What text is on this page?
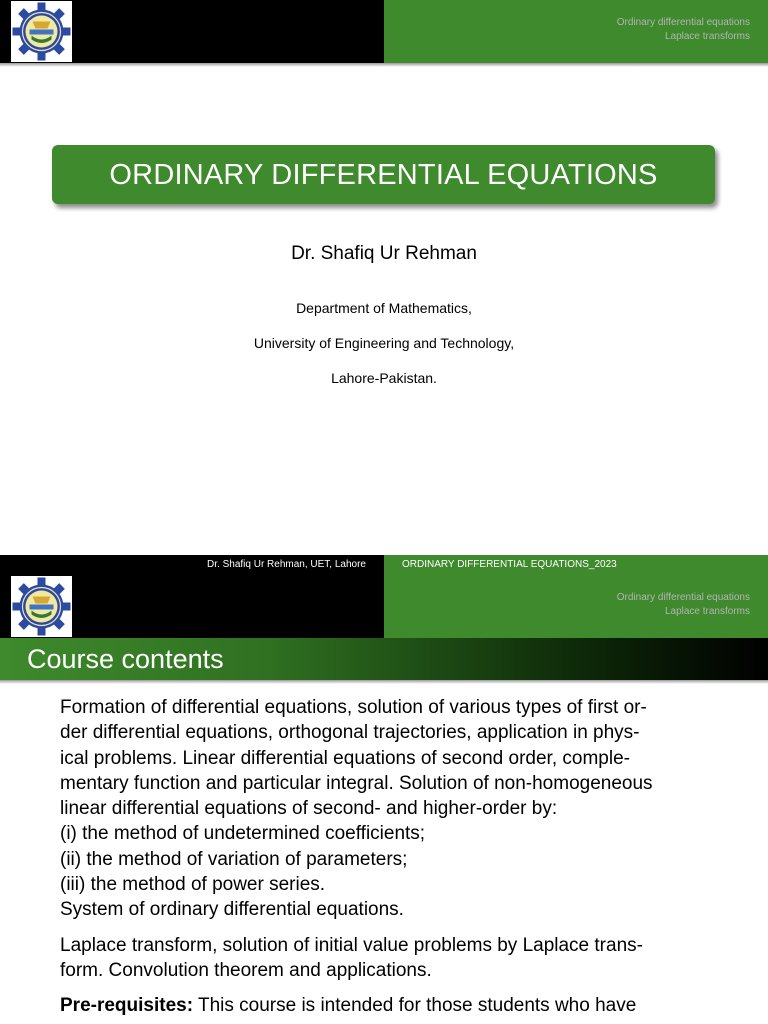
Ordinary differential equations
Laplace transforms
ORDINARY DIFFERENTIAL EQUATIONS
Dr. Shafiq Ur Rehman
Department of Mathematics,
University of Engineering and Technology,
Lahore-Pakistan.
Dr. Shafiq Ur Rehman, UET, Lahore	ORDINARY DIFFERENTIAL EQUATIONS_2023
Ordinary differential equations
Laplace transforms
Course contents

Formation of differential equations, solution of various types of first or-
der differential equations, orthogonal trajectories, application in phys-
ical problems. Linear differential equations of second order, comple-
mentary function and particular integral. Solution of non-homogeneous
linear differential equations of second- and higher-order by:
(i) the method of undetermined coefficients;
(ii) the method of variation of parameters;
(iii) the method of power series.
System of ordinary differential equations.

Laplace transform, solution of initial value problems by Laplace trans-
form. Convolution theorem and applications.

Pre-requisites: This course is intended for those students who have
